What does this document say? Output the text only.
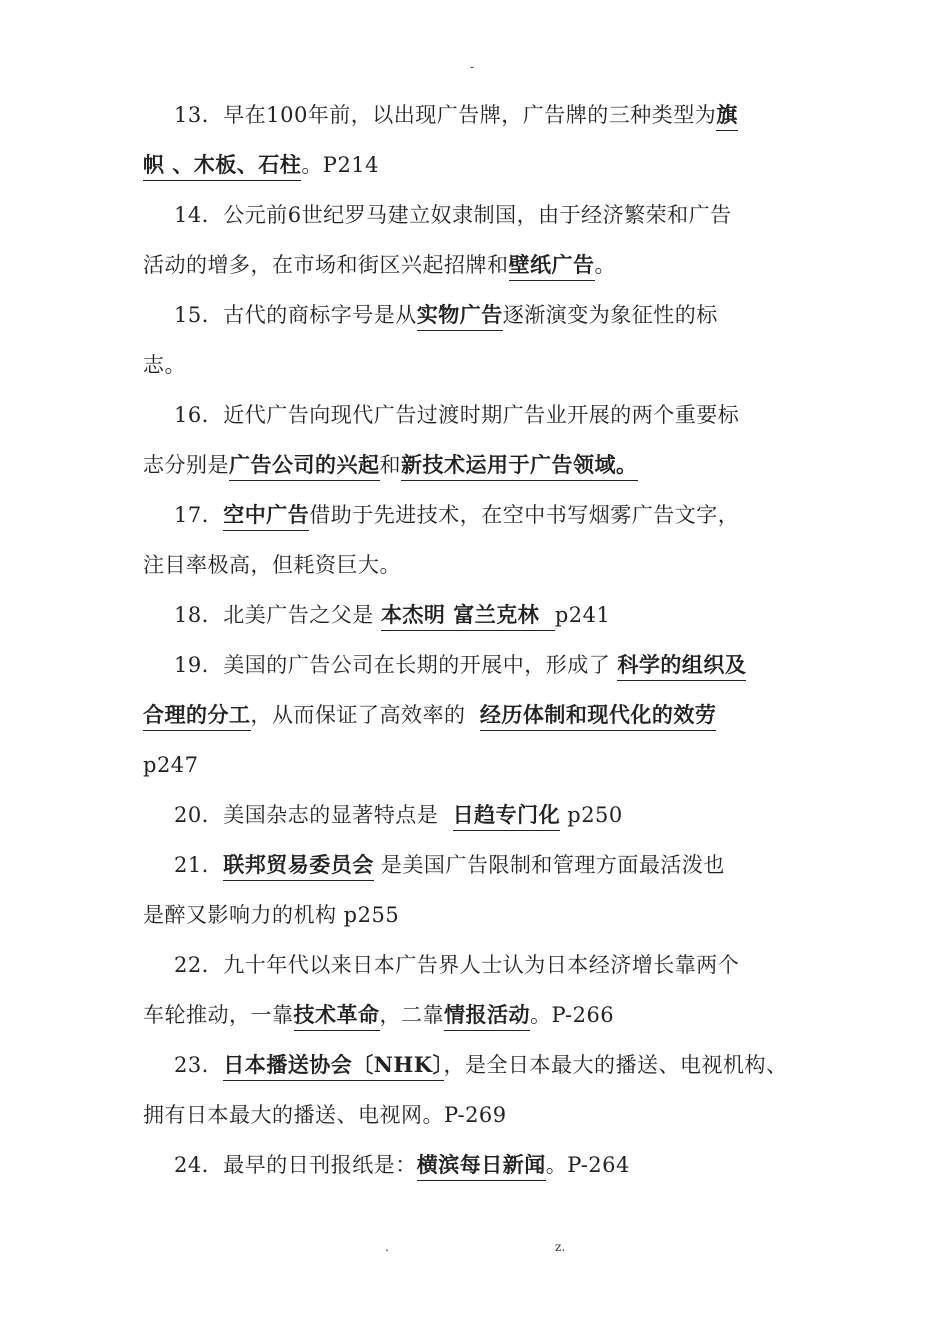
-
13．早在100年前，以出现广告牌，广告牌的三种类型为旗
帜 、木板、石柱。P214
14．公元前6世纪罗马建立奴隶制国，由于经济繁荣和广告
活动的增多，在市场和街区兴起招牌和壁纸广告。
15．古代的商标字号是从实物广告逐渐演变为象征性的标
志。
16．近代广告向现代广告过渡时期广告业开展的两个重要标
志分别是广告公司的兴起和新技术运用于广告领域。
17．空中广告借助于先进技术，在空中书写烟雾广告文字，
注目率极高，但耗资巨大。
18．北美广告之父是 本杰明 富兰克林  p241
19．美国的广告公司在长期的开展中，形成了 科学的组织及
合理的分工，从而保证了高效率的  经历体制和现代化的效劳
p247
20．美国杂志的显著特点是  日趋专门化 p250
21．联邦贸易委员会 是美国广告限制和管理方面最活泼也
是醉又影响力的机构 p255
22．九十年代以来日本广告界人士认为日本经济增长靠两个
车轮推动，一靠技术革命，二靠情报活动。P-266
23．日本播送协会〔NHK〕，是全日本最大的播送、电视机构、
拥有日本最大的播送、电视网。P-269
24．最早的日刊报纸是：横滨每日新闻。P-264
.	z.
